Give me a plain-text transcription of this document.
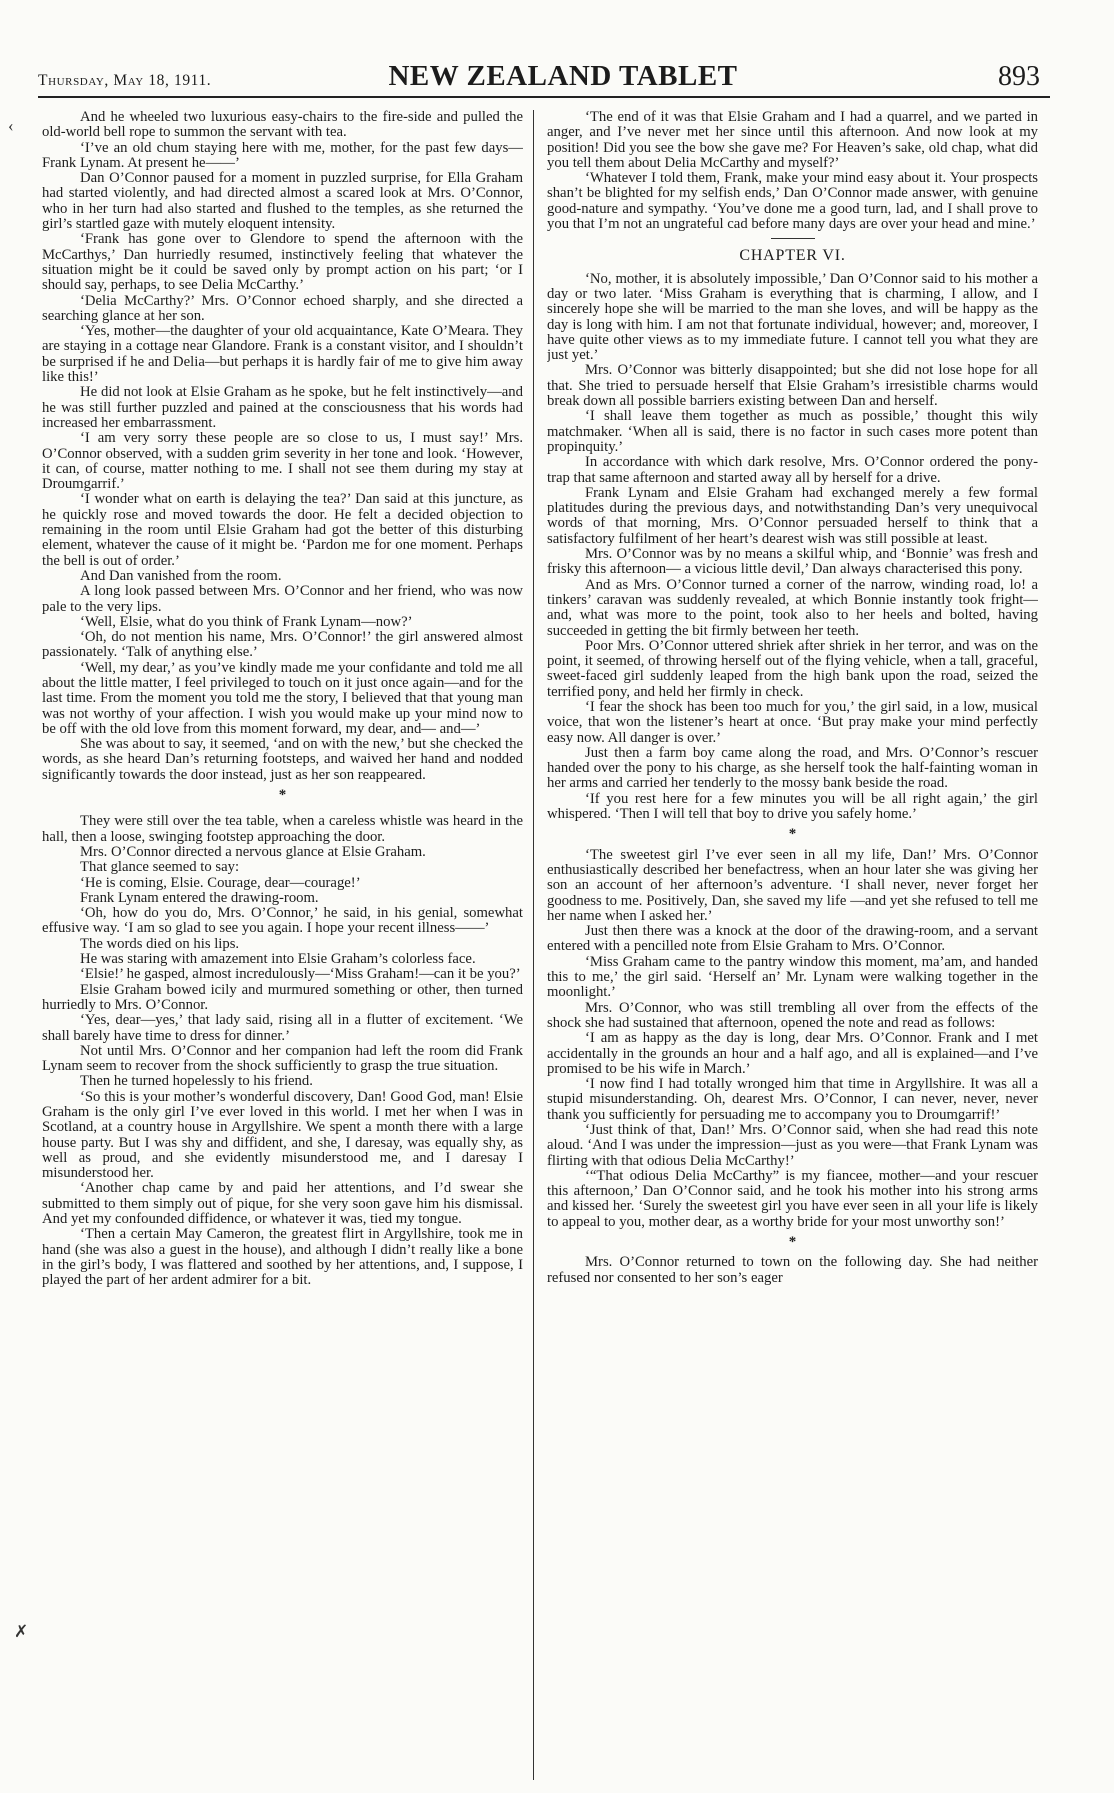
Thursday, May 18, 1911.	NEW ZEALAND TABLET	893
‹
✗

And he wheeled two luxurious easy-chairs to the fire-side and pulled the old-world bell rope to summon the servant with tea.

‘I’ve an old chum staying here with me, mother, for the past few days—Frank Lynam. At present he——’

Dan O’Connor paused for a moment in puzzled surprise, for Ella Graham had started violently, and had directed almost a scared look at Mrs. O’Connor, who in her turn had also started and flushed to the temples, as she returned the girl’s startled gaze with mutely eloquent intensity.

‘Frank has gone over to Glendore to spend the afternoon with the McCarthys,’ Dan hurriedly resumed, instinctively feeling that whatever the situation might be it could be saved only by prompt action on his part; ‘or I should say, perhaps, to see Delia McCarthy.’

‘Delia McCarthy?’ Mrs. O’Connor echoed sharply, and she directed a searching glance at her son.

‘Yes, mother—the daughter of your old acquaintance, Kate O’Meara. They are staying in a cottage near Glandore. Frank is a constant visitor, and I shouldn’t be surprised if he and Delia—but perhaps it is hardly fair of me to give him away like this!’

He did not look at Elsie Graham as he spoke, but he felt instinctively—and he was still further puzzled and pained at the consciousness that his words had increased her embarrassment.

‘I am very sorry these people are so close to us, I must say!’ Mrs. O’Connor observed, with a sudden grim severity in her tone and look. ‘However, it can, of course, matter nothing to me. I shall not see them during my stay at Droumgarrif.’

‘I wonder what on earth is delaying the tea?’ Dan said at this juncture, as he quickly rose and moved towards the door. He felt a decided objection to remaining in the room until Elsie Graham had got the better of this disturbing element, whatever the cause of it might be. ‘Pardon me for one moment. Perhaps the bell is out of order.’

And Dan vanished from the room.

A long look passed between Mrs. O’Connor and her friend, who was now pale to the very lips.

‘Well, Elsie, what do you think of Frank Lynam—now?’

‘Oh, do not mention his name, Mrs. O’Connor!’ the girl answered almost passionately. ‘Talk of anything else.’

‘Well, my dear,’ as you’ve kindly made me your confidante and told me all about the little matter, I feel privileged to touch on it just once again—and for the last time. From the moment you told me the story, I believed that that young man was not worthy of your affection. I wish you would make up your mind now to be off with the old love from this moment forward, my dear, and— and—’

She was about to say, it seemed, ‘and on with the new,’ but she checked the words, as she heard Dan’s returning footsteps, and waived her hand and nodded significantly towards the door instead, just as her son reappeared.

*

They were still over the tea table, when a careless whistle was heard in the hall, then a loose, swinging footstep approaching the door.

Mrs. O’Connor directed a nervous glance at Elsie Graham.

That glance seemed to say:

‘He is coming, Elsie. Courage, dear—courage!’

Frank Lynam entered the drawing-room.

‘Oh, how do you do, Mrs. O’Connor,’ he said, in his genial, somewhat effusive way. ‘I am so glad to see you again. I hope your recent illness——’

The words died on his lips.

He was staring with amazement into Elsie Graham’s colorless face.

‘Elsie!’ he gasped, almost incredulously—‘Miss Graham!—can it be you?’

Elsie Graham bowed icily and murmured something or other, then turned hurriedly to Mrs. O’Connor.

‘Yes, dear—yes,’ that lady said, rising all in a flutter of excitement. ‘We shall barely have time to dress for dinner.’

Not until Mrs. O’Connor and her companion had left the room did Frank Lynam seem to recover from the shock sufficiently to grasp the true situation.

Then he turned hopelessly to his friend.

‘So this is your mother’s wonderful discovery, Dan! Good God, man! Elsie Graham is the only girl I’ve ever loved in this world. I met her when I was in Scotland, at a country house in Argyllshire. We spent a month there with a large house party. But I was shy and diffident, and she, I daresay, was equally shy, as well as proud, and she evidently misunderstood me, and I daresay I misunderstood her.

‘Another chap came by and paid her attentions, and I’d swear she submitted to them simply out of pique, for she very soon gave him his dismissal. And yet my confounded diffidence, or whatever it was, tied my tongue.

‘Then a certain May Cameron, the greatest flirt in Argyllshire, took me in hand (she was also a guest in the house), and although I didn’t really like a bone in the girl’s body, I was flattered and soothed by her attentions, and, I suppose, I played the part of her ardent admirer for a bit.

‘The end of it was that Elsie Graham and I had a quarrel, and we parted in anger, and I’ve never met her since until this afternoon. And now look at my position! Did you see the bow she gave me? For Heaven’s sake, old chap, what did you tell them about Delia McCarthy and myself?’

‘Whatever I told them, Frank, make your mind easy about it. Your prospects shan’t be blighted for my selfish ends,’ Dan O’Connor made answer, with genuine good-nature and sympathy. ‘You’ve done me a good turn, lad, and I shall prove to you that I’m not an ungrateful cad before many days are over your head and mine.’

CHAPTER VI.

‘No, mother, it is absolutely impossible,’ Dan O’Connor said to his mother a day or two later. ‘Miss Graham is everything that is charming, I allow, and I sincerely hope she will be married to the man she loves, and will be happy as the day is long with him. I am not that fortunate individual, however; and, moreover, I have quite other views as to my immediate future. I cannot tell you what they are just yet.’

Mrs. O’Connor was bitterly disappointed; but she did not lose hope for all that. She tried to persuade herself that Elsie Graham’s irresistible charms would break down all possible barriers existing between Dan and herself.

‘I shall leave them together as much as possible,’ thought this wily matchmaker. ‘When all is said, there is no factor in such cases more potent than propinquity.’

In accordance with which dark resolve, Mrs. O’Connor ordered the pony-trap that same afternoon and started away all by herself for a drive.

Frank Lynam and Elsie Graham had exchanged merely a few formal platitudes during the previous days, and notwithstanding Dan’s very unequivocal words of that morning, Mrs. O’Connor persuaded herself to think that a satisfactory fulfilment of her heart’s dearest wish was still possible at least.

Mrs. O’Connor was by no means a skilful whip, and ‘Bonnie’ was fresh and frisky this afternoon— a vicious little devil,’ Dan always characterised this pony.

And as Mrs. O’Connor turned a corner of the narrow, winding road, lo! a tinkers’ caravan was suddenly revealed, at which Bonnie instantly took fright—and, what was more to the point, took also to her heels and bolted, having succeeded in getting the bit firmly between her teeth.

Poor Mrs. O’Connor uttered shriek after shriek in her terror, and was on the point, it seemed, of throwing herself out of the flying vehicle, when a tall, graceful, sweet-faced girl suddenly leaped from the high bank upon the road, seized the terrified pony, and held her firmly in check.

‘I fear the shock has been too much for you,’ the girl said, in a low, musical voice, that won the listener’s heart at once. ‘But pray make your mind perfectly easy now. All danger is over.’

Just then a farm boy came along the road, and Mrs. O’Connor’s rescuer handed over the pony to his charge, as she herself took the half-fainting woman in her arms and carried her tenderly to the mossy bank beside the road.

‘If you rest here for a few minutes you will be all right again,’ the girl whispered. ‘Then I will tell that boy to drive you safely home.’

*

‘The sweetest girl I’ve ever seen in all my life, Dan!’ Mrs. O’Connor enthusiastically described her benefactress, when an hour later she was giving her son an account of her afternoon’s adventure. ‘I shall never, never forget her goodness to me. Positively, Dan, she saved my life —and yet she refused to tell me her name when I asked her.’

Just then there was a knock at the door of the drawing-room, and a servant entered with a pencilled note from Elsie Graham to Mrs. O’Connor.

‘Miss Graham came to the pantry window this moment, ma’am, and handed this to me,’ the girl said. ‘Herself an’ Mr. Lynam were walking together in the moonlight.’

Mrs. O’Connor, who was still trembling all over from the effects of the shock she had sustained that afternoon, opened the note and read as follows:

‘I am as happy as the day is long, dear Mrs. O’Connor. Frank and I met accidentally in the grounds an hour and a half ago, and all is explained—and I’ve promised to be his wife in March.’

‘I now find I had totally wronged him that time in Argyllshire. It was all a stupid misunderstanding. Oh, dearest Mrs. O’Connor, I can never, never, never thank you sufficiently for persuading me to accompany you to Droumgarrif!’

‘Just think of that, Dan!’ Mrs. O’Connor said, when she had read this note aloud. ‘And I was under the impression—just as you were—that Frank Lynam was flirting with that odious Delia McCarthy!’

‘“That odious Delia McCarthy” is my fiancee, mother—and your rescuer this afternoon,’ Dan O’Connor said, and he took his mother into his strong arms and kissed her. ‘Surely the sweetest girl you have ever seen in all your life is likely to appeal to you, mother dear, as a worthy bride for your most unworthy son!’

*

Mrs. O’Connor returned to town on the following day. She had neither refused nor consented to her son’s eager
